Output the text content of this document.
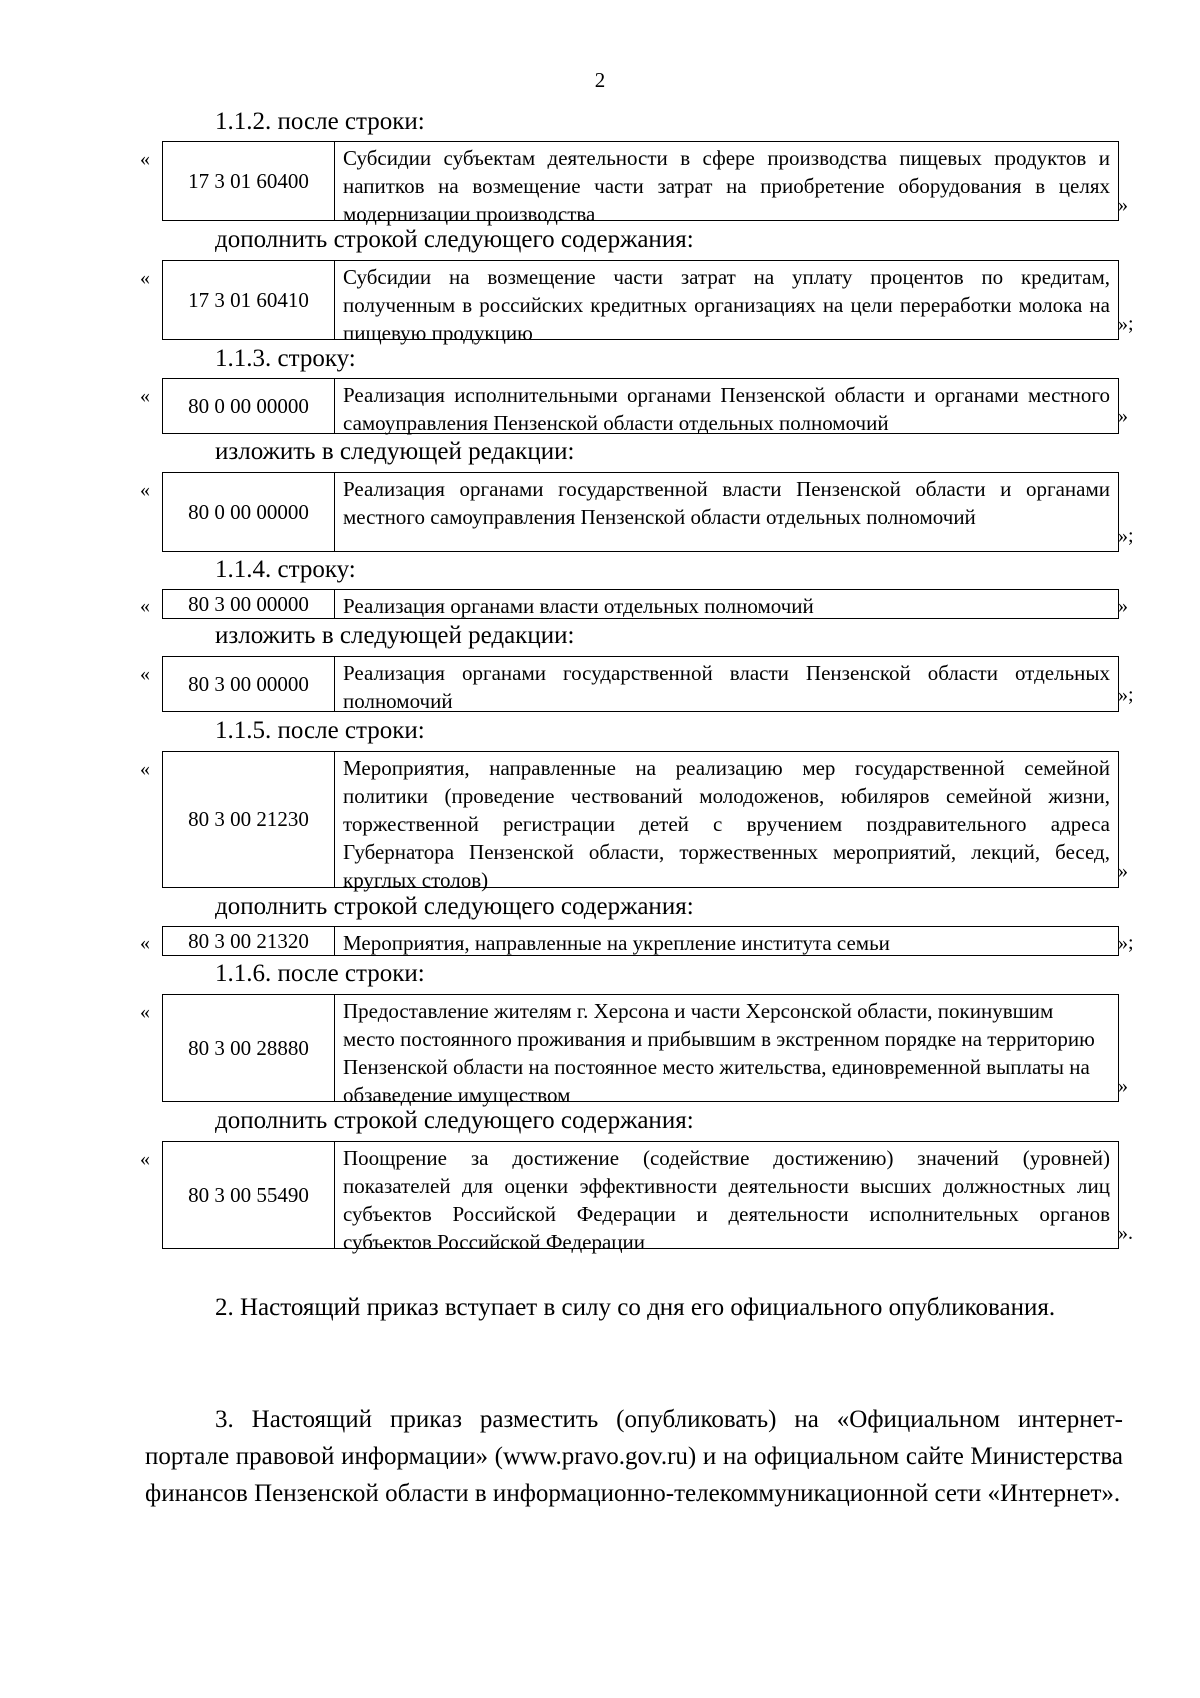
2
1.1.2. после строки:
«
17 3 01 60400
Субсидии субъектам деятельности в сфере производства пищевых продуктов и напитков на возмещение части затрат на приобретение оборудования в целях модернизации производства	»
дополнить строкой следующего содержания:
«
17 3 01 60410
Субсидии на возмещение части затрат на уплату процентов по кредитам, полученным в российских кредитных организациях на цели переработки молока на пищевую продукцию	»;
1.1.3. строку:
«	80 0 00 00000	Реализация исполнительными органами Пензенской области и органами местного самоуправления Пензенской области отдельных полномочий	»
изложить в следующей редакции:
«
80 0 00 00000
Реализация органами государственной власти Пензенской области и органами местного самоуправления Пензенской области отдельных полномочий
»;
1.1.4. строку:
«	80 3 00 00000	Реализация органами власти отдельных полномочий	»
изложить в следующей редакции:
«	80 3 00 00000	Реализация органами государственной власти Пензенской области отдельных полномочий	»;
1.1.5. после строки:
«
80 3 00 21230
Мероприятия, направленные на реализацию мер государственной семейной политики (проведение чествований молодоженов, юбиляров семейной жизни, торжественной регистрации детей с вручением поздравительного адреса Губернатора Пензенской области, торжественных мероприятий, лекций, бесед, круглых столов)	»
дополнить строкой следующего содержания:
«	80 3 00 21320	Мероприятия, направленные на укрепление института семьи	»;
1.1.6. после строки:
«
80 3 00 28880
Предоставление жителям г. Херсона и части Херсонской области, покинувшим место постоянного проживания и прибывшим в экстренном порядке на территорию Пензенской области на постоянное место жительства, единовременной выплаты на обзаведение имуществом	»
дополнить строкой следующего содержания:
«
80 3 00 55490
Поощрение за достижение (содействие достижению) значений (уровней) показателей для оценки эффективности деятельности высших должностных лиц субъектов Российской Федерации и деятельности исполнительных органов субъектов Российской Федерации	».
2. Настоящий приказ вступает в силу со дня его официального опубликования.
3. Настоящий приказ разместить (опубликовать) на «Официальном интернет-портале правовой информации» (www.pravo.gov.ru) и на официальном сайте Министерства финансов Пензенской области в информационно-телекоммуникационной сети «Интернет».
